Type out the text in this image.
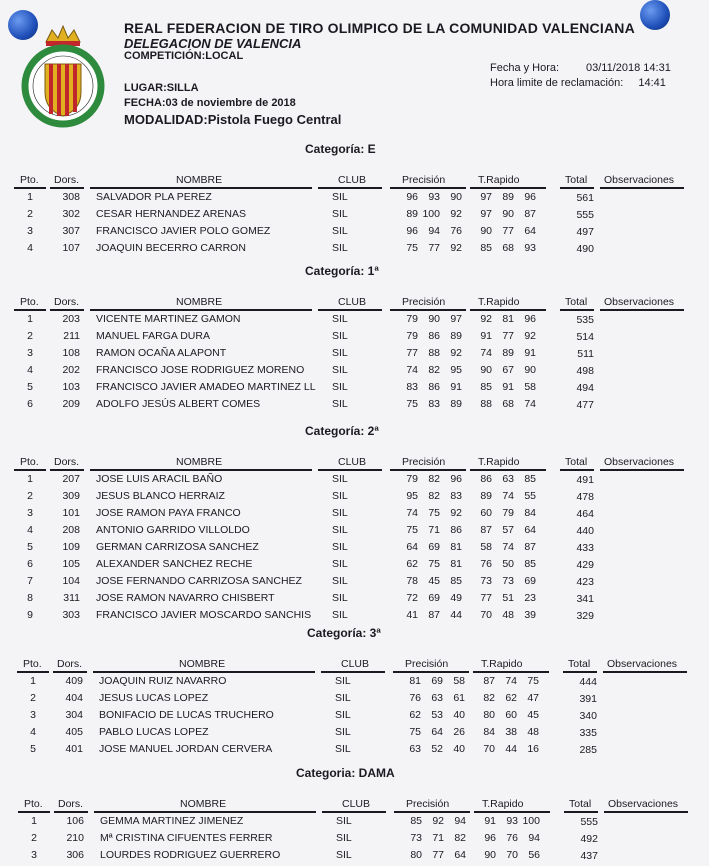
REAL FEDERACION DE TIRO OLIMPICO DE LA COMUNIDAD VALENCIANA
DELEGACION DE VALENCIA
COMPETICIÓN:LOCAL
LUGAR:SILLA
FECHA:03 de noviembre de 2018
MODALIDAD:Pistola Fuego Central
Fecha y Hora: 03/11/2018 14:31
Hora limite de reclamación: 14:41
Categoría: E
Pto. Dors.	NOMBRE	CLUB	Precisión	T.Rapido	Total Observaciones
1	308 SALVADOR PLA PEREZ	SIL	96 93 90	97 89 96	561
2	302 CESAR HERNANDEZ ARENAS	SIL	89 100 92	97 90 87	555
3	307 FRANCISCO JAVIER POLO GOMEZ	SIL	96 94 76	90 77 64	497
4	107 JOAQUIN BECERRO CARRON	SIL	75 77 92	85 68 93	490
Categoría: 1ª
Pto. Dors.	NOMBRE	CLUB	Precisión	T.Rapido	Total Observaciones
1	203 VICENTE MARTINEZ GAMON	SIL	79 90 97	92 81 96	535
2	211 MANUEL FARGA DURA	SIL	79 86 89	91 77 92	514
3	108 RAMON OCAÑA ALAPONT	SIL	77 88 92	74 89 91	511
4	202 FRANCISCO JOSE RODRIGUEZ MORENO	SIL	74 82 95	90 67 90	498
5	103 FRANCISCO JAVIER AMADEO MARTINEZ LL SIL	83 86 91	85 91 58	494
6	209 ADOLFO JESÚS ALBERT COMES	SIL	75 83 89	88 68 74	477
Categoría: 2ª
Pto. Dors.	NOMBRE	CLUB	Precisión	T.Rapido	Total Observaciones
1	207 JOSE LUIS ARACIL BAÑO	SIL	79 82 96	86 63 85	491
2	309 JESUS BLANCO HERRAIZ	SIL	95 82 83	89 74 55	478
3	101 JOSE RAMON PAYA FRANCO	SIL	74 75 92	60 79 84	464
4	208 ANTONIO GARRIDO VILLOLDO	SIL	75 71 86	87 57 64	440
5	109 GERMAN CARRIZOSA SANCHEZ	SIL	64 69 81	58 74 87	433
6	105 ALEXANDER SANCHEZ RECHE	SIL	62 75 81	76 50 85	429
7	104 JOSE FERNANDO CARRIZOSA SANCHEZ	SIL	78 45 85	73 73 69	423
8	311 JOSE RAMON NAVARRO CHISBERT	SIL	72 69 49	77 51 23	341
9	303 FRANCISCO JAVIER MOSCARDO SANCHIS SIL	41 87 44	70 48 39	329
Categoría: 3ª
Pto. Dors.	NOMBRE	CLUB	Precisión	T.Rapido	Total Observaciones
1	409 JOAQUIN RUIZ NAVARRO	SIL	81 69 58	87 74 75	444
2	404 JESUS LUCAS LOPEZ	SIL	76 63 61	82 62 47	391
3	304 BONIFACIO DE LUCAS TRUCHERO	SIL	62 53 40	80 60 45	340
4	405 PABLO LUCAS LOPEZ	SIL	75 64 26	84 38 48	335
5	401 JOSE MANUEL JORDAN CERVERA	SIL	63 52 40	70 44 16	285
Categoria: DAMA
Pto. Dors.	NOMBRE	CLUB	Precisión	T.Rapido	Total Observaciones
1	106 GEMMA MARTINEZ JIMENEZ	SIL	85 92 94	91 93 100	555
2	210 Mª CRISTINA CIFUENTES FERRER	SIL	73 71 82	96 76 94	492
3	306 LOURDES RODRIGUEZ GUERRERO	SIL	80 77 64	90 70 56	437
